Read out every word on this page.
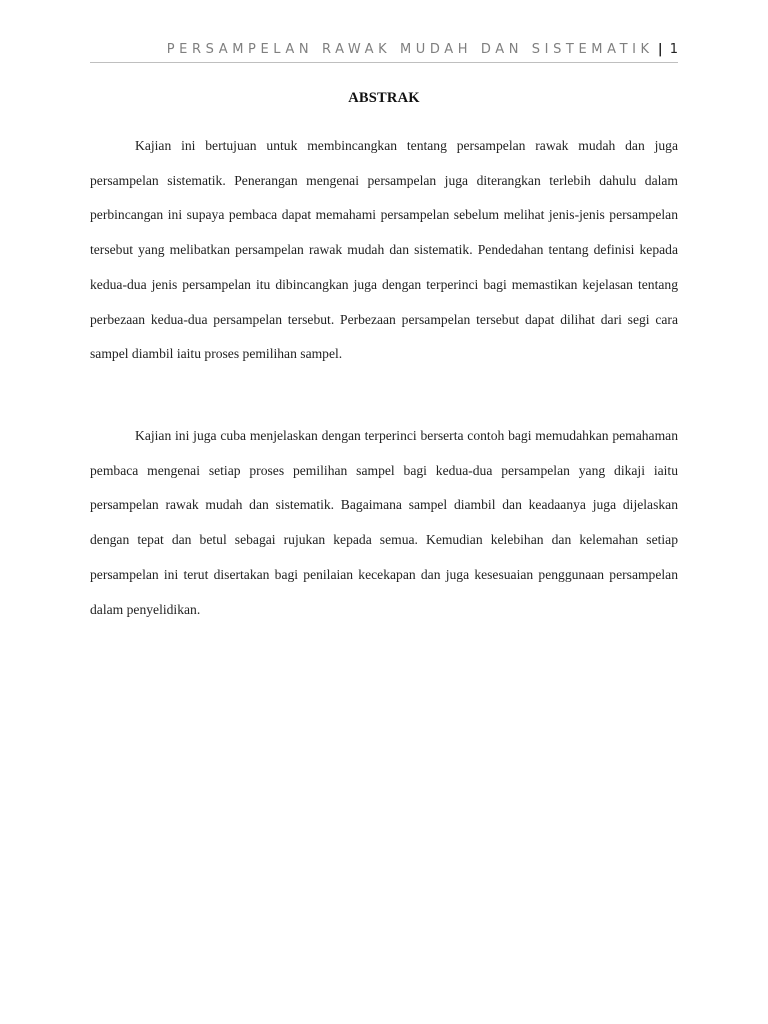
PERSAMPELAN RAWAK MUDAH DAN SISTEMATIK | 1
ABSTRAK

Kajian ini bertujuan untuk membincangkan tentang persampelan rawak mudah dan juga persampelan sistematik. Penerangan mengenai persampelan juga diterangkan terlebih dahulu dalam perbincangan ini supaya pembaca dapat memahami persampelan sebelum melihat jenis-jenis persampelan tersebut yang melibatkan persampelan rawak mudah dan sistematik. Pendedahan tentang definisi kepada kedua-dua jenis persampelan itu dibincangkan juga dengan terperinci bagi memastikan kejelasan tentang perbezaan kedua-dua persampelan tersebut. Perbezaan persampelan tersebut dapat dilihat dari segi cara sampel diambil iaitu proses pemilihan sampel.

Kajian ini juga cuba menjelaskan dengan terperinci berserta contoh bagi memudahkan pemahaman pembaca mengenai setiap proses pemilihan sampel bagi kedua-dua persampelan yang dikaji iaitu persampelan rawak mudah dan sistematik. Bagaimana sampel diambil dan keadaanya juga dijelaskan dengan tepat dan betul sebagai rujukan kepada semua. Kemudian kelebihan dan kelemahan setiap persampelan ini terut disertakan bagi penilaian kecekapan dan juga kesesuaian penggunaan persampelan dalam penyelidikan.
